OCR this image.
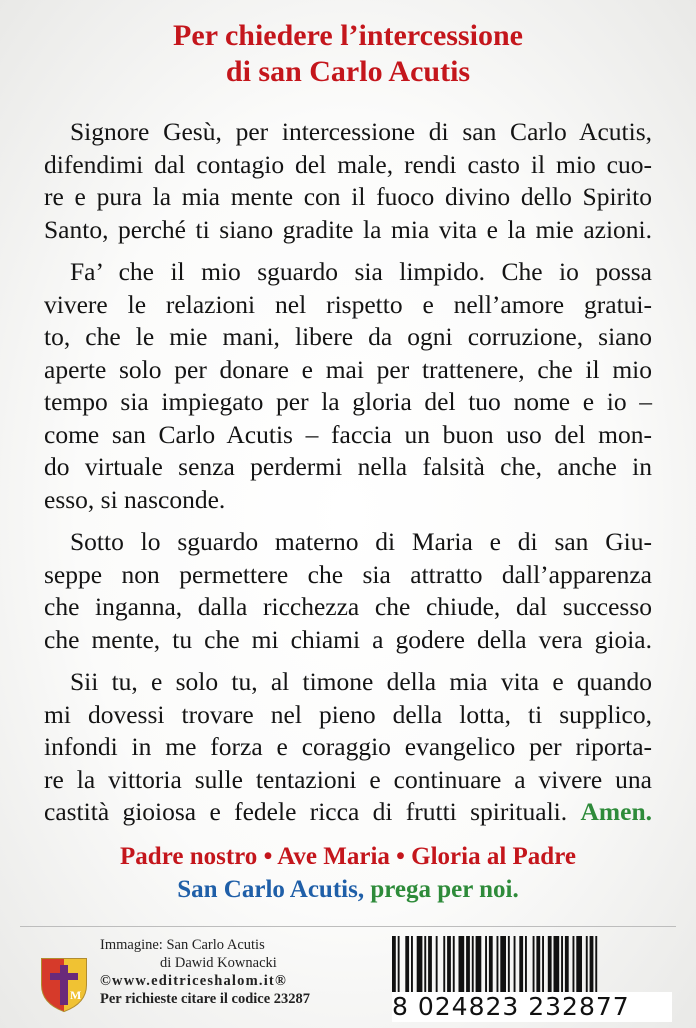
Per chiedere l’intercessione
di san Carlo Acutis
Signore Gesù, per intercessione di san Carlo Acutis,
difendimi dal contagio del male, rendi casto il mio cuo-
re e pura la mia mente con il fuoco divino dello Spirito
Santo, perché ti siano gradite la mia vita e la mie azioni.
Fa’ che il mio sguardo sia limpido. Che io possa
vivere le relazioni nel rispetto e nell’amore gratui-
to, che le mie mani, libere da ogni corruzione, siano
aperte solo per donare e mai per trattenere, che il mio
tempo sia impiegato per la gloria del tuo nome e io –
come san Carlo Acutis – faccia un buon uso del mon-
do virtuale senza perdermi nella falsità che, anche in
esso, si nasconde.
Sotto lo sguardo materno di Maria e di san Giu-
seppe non permettere che sia attratto dall’apparenza
che inganna, dalla ricchezza che chiude, dal successo
che mente, tu che mi chiami a godere della vera gioia.
Sii tu, e solo tu, al timone della mia vita e quando
mi dovessi trovare nel pieno della lotta, ti supplico,
infondi in me forza e coraggio evangelico per riporta-
re la vittoria sulle tentazioni e continuare a vivere una
castità gioiosa e fedele ricca di frutti spirituali. Amen.
Padre nostro • Ave Maria • Gloria al Padre
San Carlo Acutis, prega per noi.
M
Immagine: San Carlo Acutis
di Dawid Kownacki
©www.editriceshalom.it®
Per richieste citare il codice 23287	8 024823 232877
